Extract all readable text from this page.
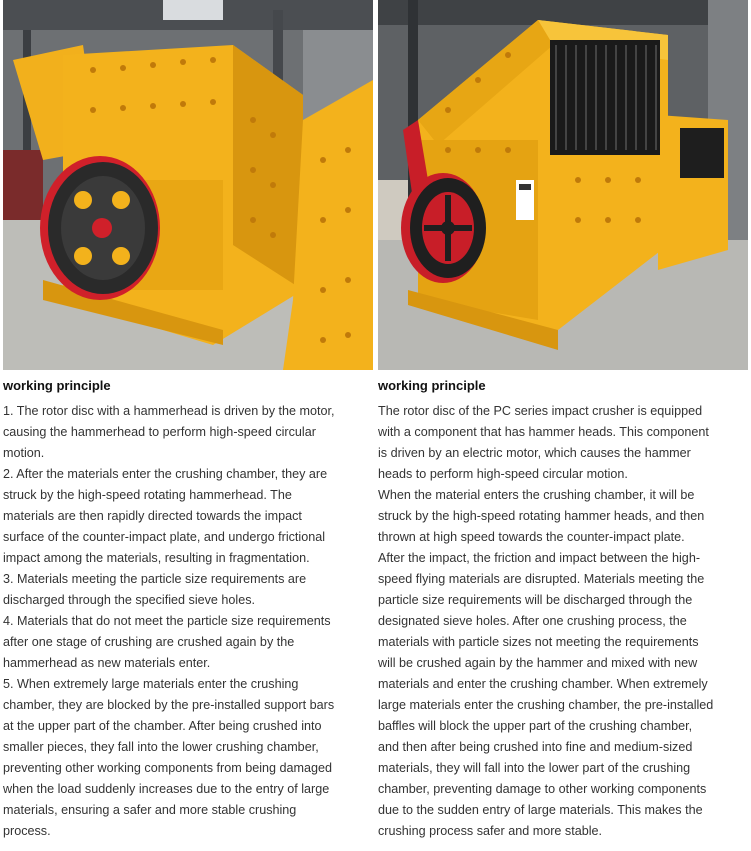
working principle
1. The rotor disc with a hammerhead is driven by the motor,
causing the hammerhead to perform high-speed circular
motion.
2. After the materials enter the crushing chamber, they are
struck by the high-speed rotating hammerhead. The
materials are then rapidly directed towards the impact
surface of the counter-impact plate, and undergo frictional
impact among the materials, resulting in fragmentation.
3. Materials meeting the particle size requirements are
discharged through the specified sieve holes.
4. Materials that do not meet the particle size requirements
after one stage of crushing are crushed again by the
hammerhead as new materials enter.
5. When extremely large materials enter the crushing
chamber, they are blocked by the pre-installed support bars
at the upper part of the chamber. After being crushed into
smaller pieces, they fall into the lower crushing chamber,
preventing other working components from being damaged
when the load suddenly increases due to the entry of large
materials, ensuring a safer and more stable crushing
process.
working principle
The rotor disc of the PC series impact crusher is equipped
with a component that has hammer heads. This component
is driven by an electric motor, which causes the hammer
heads to perform high-speed circular motion.
When the material enters the crushing chamber, it will be
struck by the high-speed rotating hammer heads, and then
thrown at high speed towards the counter-impact plate.
After the impact, the friction and impact between the high-
speed flying materials are disrupted. Materials meeting the
particle size requirements will be discharged through the
designated sieve holes. After one crushing process, the
materials with particle sizes not meeting the requirements
will be crushed again by the hammer and mixed with new
materials and enter the crushing chamber. When extremely
large materials enter the crushing chamber, the pre-installed
baffles will block the upper part of the crushing chamber,
and then after being crushed into fine and medium-sized
materials, they will fall into the lower part of the crushing
chamber, preventing damage to other working components
due to the sudden entry of large materials. This makes the
crushing process safer and more stable.
